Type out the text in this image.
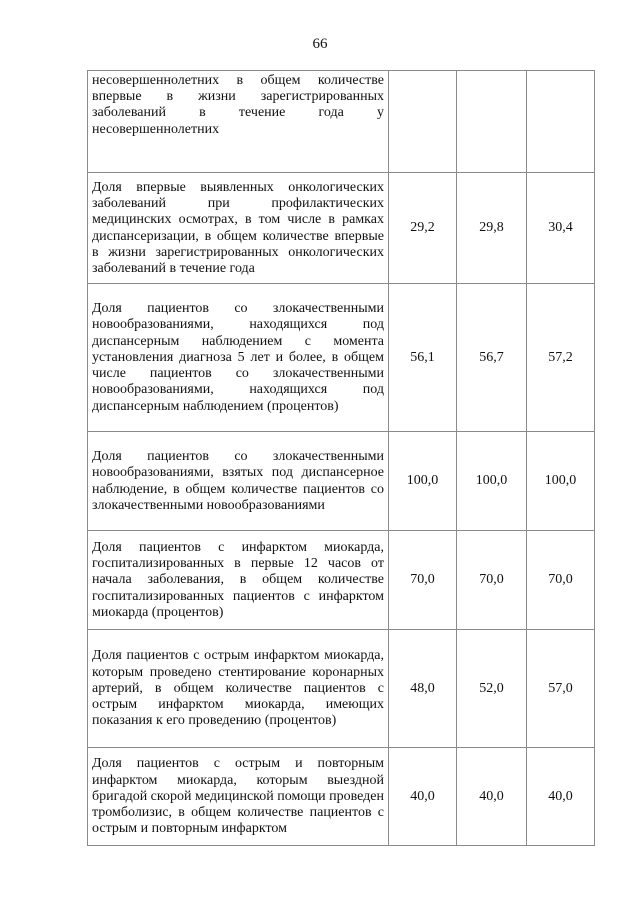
66
несовершеннолетних в общем количестве впервые в жизни зарегистрированных заболеваний в течение года у несовершеннолетних			

Доля впервые выявленных онкологических заболеваний при профилактических медицинских осмотрах, в том числе в рамках диспансеризации, в общем количестве впервые в жизни зарегистрированных онкологических заболеваний в течение года	29,2	29,8	30,4

Доля пациентов со злокачественными новообразованиями, находящихся под диспансерным наблюдением с момента установления диагноза 5 лет и более, в общем числе пациентов со злокачественными новообразованиями, находящихся под диспансерным наблюдением (процентов)	56,1	56,7	57,2

Доля пациентов со злокачественными новообразованиями, взятых под диспансерное наблюдение, в общем количестве пациентов со злокачественными новообразованиями	100,0	100,0	100,0

Доля пациентов с инфарктом миокарда, госпитализированных в первые 12 часов от начала заболевания, в общем количестве госпитализированных пациентов с инфарктом миокарда (процентов)	70,0	70,0	70,0

Доля пациентов с острым инфарктом миокарда, которым проведено стентирование коронарных артерий, в общем количестве пациентов с острым инфарктом миокарда, имеющих показания к его проведению (процентов)	48,0	52,0	57,0

Доля пациентов с острым и повторным инфарктом миокарда, которым выездной бригадой скорой медицинской помощи проведен тромболизис, в общем количестве пациентов с острым и повторным инфарктом	40,0	40,0	40,0
